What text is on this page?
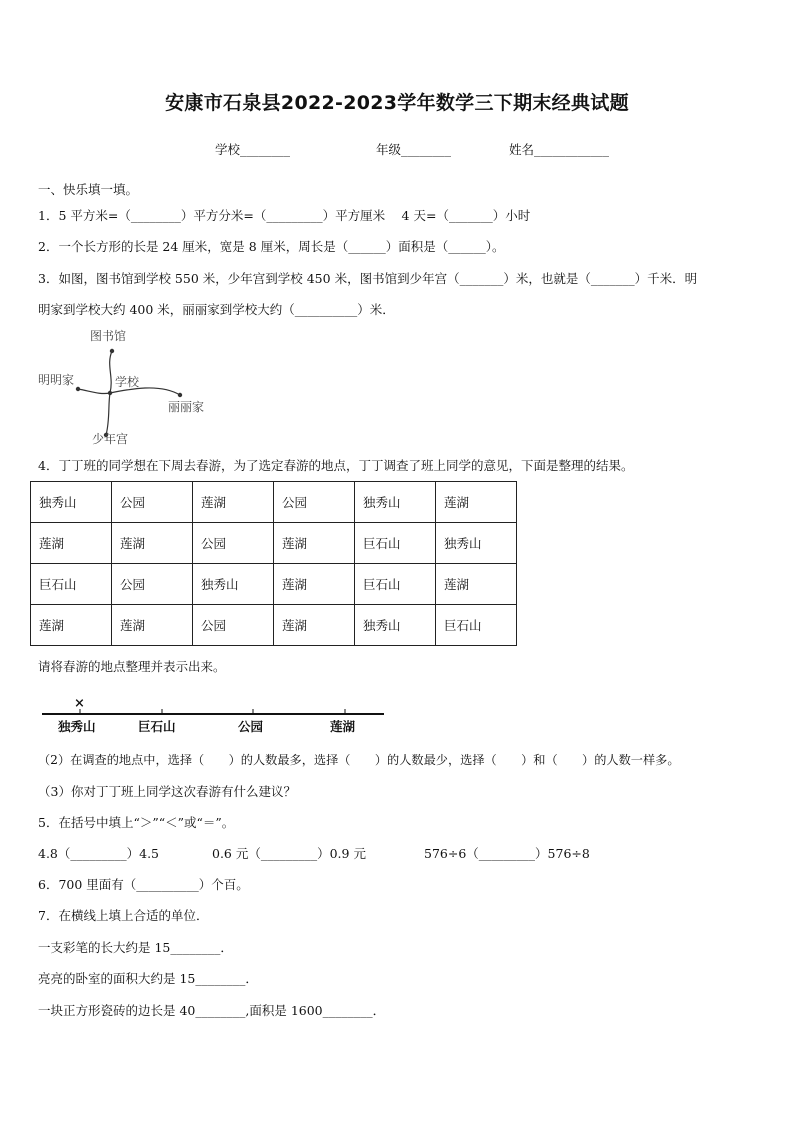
安康市石泉县2022-2023学年数学三下期末经典试题
学校________	年级________	姓名____________
一、快乐填一填。
1．5 平方米=（________）平方分米=（_________）平方厘米　 4 天=（_______）小时
2．一个长方形的长是 24 厘米，宽是 8 厘米，周长是（______）面积是（______）。
3．如图，图书馆到学校 550 米，少年宫到学校 450 米，图书馆到少年宫（_______）米，也就是（_______）千米．明
明家到学校大约 400 米，丽丽家到学校大约（__________）米．
图书馆
学校
明明家
丽丽家
少年宫
4．丁丁班的同学想在下周去春游，为了选定春游的地点，丁丁调查了班上同学的意见，下面是整理的结果。
独秀山	公园	莲湖	公园	独秀山	莲湖
莲湖	莲湖	公园	莲湖	巨石山	独秀山
巨石山	公园	独秀山	莲湖	巨石山	莲湖
莲湖	莲湖	公园	莲湖	独秀山	巨石山
请将春游的地点整理并表示出来。
×
独秀山	巨石山	公园	莲湖
（2）在调查的地点中，选择（　　）的人数最多，选择（　　）的人数最少，选择（　　）和（　　）的人数一样多。
（3）你对丁丁班上同学这次春游有什么建议？
5．在括号中填上“＞”“＜”或“＝”。
4.8（_________）4.5	0.6 元（_________）0.9 元	576÷6（_________）576÷8
6．700 里面有（__________）个百。
7．在横线上填上合适的单位．
一支彩笔的长大约是 15________．
亮亮的卧室的面积大约是 15________．
一块正方形瓷砖的边长是 40________,面积是 1600________．
